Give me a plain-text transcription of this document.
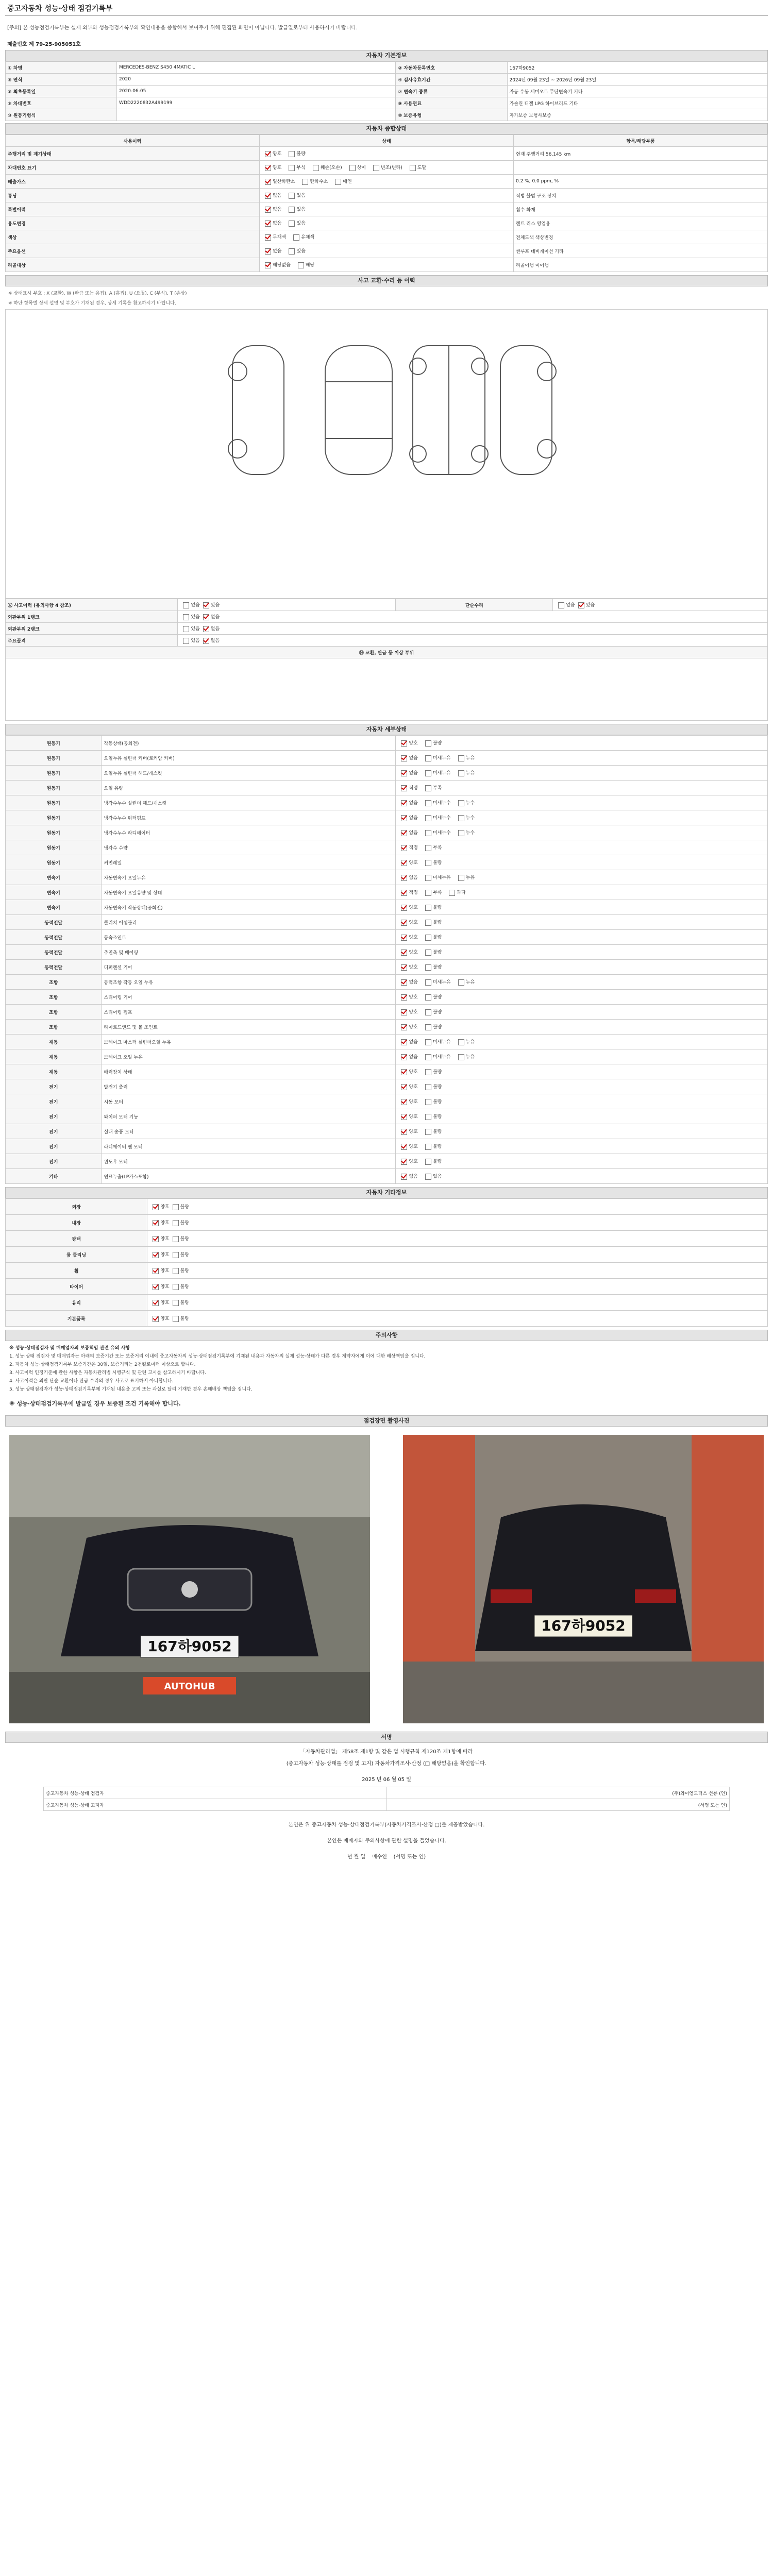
중고자동차 성능·상태 점검기록부
[주의] 본 성능점검기록부는 실제 외부와 성능점검기록부의 확인내용을 종합해서 보여주기 위해 편집된 화면이 아닙니다. 발급일로부터 사용하시기 바랍니다.
제출번호 제 79-25-905051호
자동차 기본정보
① 차명	MERCEDES-BENZ S450 4MATIC L	② 자동차등록번호	167하9052
③ 연식	2020	④ 검사유효기간	2024년 09월 23일 ~ 2026년 09월 23일
⑤ 최초등록일	2020-06-05	⑦ 변속기 종류	자동 수동 세미오토 무단변속기 기타
⑥ 차대번호	WDD2220832A499199	⑨ 사용연료	가솔린 디젤 LPG 하이브리드 기타
⑩ 원동기형식		⑩ 보증유형	자가보증 보험사보증
자동차 종합상태
사용이력	상태	항목/해당부품
주행거리 및 계기상태	양호 불량	현재 주행거리 56,145 km
차대번호 표기	양호 부식 훼손(오손) 상이 변조(변타) 도말	
배출가스	일산화탄소 탄화수소 매연	0.2 %, 0.0 ppm, %
튜닝	없음 있음	적법 불법 구조 장치
특별이력	없음 있음	침수 화재
용도변경	없음 있음	렌트 리스 영업용
색상	무채색 유채색	전체도색 색상변경
주요옵션	없음 있음	썬루프 네비게이션 기타
리콜대상	해당없음 해당	리콜이행 미이행
사고 교환·수리 등 이력
※ 상태표시 부호 : X (교환), W (판금 또는 용접), A (흠집), U (요철), C (부식), T (손상)
※ 하단 항목별 상세 설명 및 부호가 기재된 경우, 상세 기록을 참고하시기 바랍니다.
⑫ 사고이력 (유의사항 4 참조)	없음 있음	단순수리	없음 있음
외판부위 1랭크	있음 없음		
외판부위 2랭크	있음 없음		
주요골격	있음 없음		
⑭ 교환, 판금 등 이상 부위			

자동차 세부상태
원동기	작동상태(공회전)	양호 불량
원동기	오일누유 실린더 커버(로커암 커버)	없음 미세누유 누유
원동기	오일누유 실린더 헤드/개스킷	없음 미세누유 누유
원동기	오일 유량	적정 부족
원동기	냉각수누수 실린더 헤드/개스킷	없음 미세누수 누수
원동기	냉각수누수 워터펌프	없음 미세누수 누수
원동기	냉각수누수 라디에이터	없음 미세누수 누수
원동기	냉각수 수량	적정 부족
원동기	커먼레일	양호 불량
변속기	자동변속기 오일누유	없음 미세누유 누유
변속기	자동변속기 오일유량 및 상태	적정 부족 과다
변속기	자동변속기 작동상태(공회전)	양호 불량
동력전달	클러치 어셈블리	양호 불량
동력전달	등속조인트	양호 불량
동력전달	추진축 및 베어링	양호 불량
동력전달	디퍼렌셜 기어	양호 불량
조향	동력조향 작동 오일 누유	없음 미세누유 누유
조향	스티어링 기어	양호 불량
조향	스티어링 펌프	양호 불량
조향	타이로드엔드 및 볼 조인트	양호 불량
제동	브레이크 마스터 실린더오일 누유	없음 미세누유 누유
제동	브레이크 오일 누유	없음 미세누유 누유
제동	배력장치 상태	양호 불량
전기	발전기 출력	양호 불량
전기	시동 모터	양호 불량
전기	와이퍼 모터 기능	양호 불량
전기	실내 송풍 모터	양호 불량
전기	라디에이터 팬 모터	양호 불량
전기	윈도우 모터	양호 불량
기타	연료누출(LP가스포함)	없음 있음
자동차 기타정보
외장	양호 불량
내장	양호 불량
광택	양호 불량
룸 클리닝	양호 불량
휠	양호 불량
타이어	양호 불량
유리	양호 불량
기본품목	양호 불량
주의사항

※ 성능·상태점검자 및 매매업자의 보증책임 관련 유의 사항

1. 성능·상태 점검자 및 매매업자는 아래의 보증기간 또는 보증거리 이내에 중고자동차의 성능·상태점검기록부에 기재된 내용과 자동차의 실제 성능·상태가 다른 경우 계약자에게 이에 대한 배상책임을 집니다.

2. 자동차 성능·상태점검기록부 보증기간은 30일, 보증거리는 2천킬로미터 이상으로 합니다.

3. 사고이력 인정기준에 관한 사항은 자동차관리법 시행규칙 및 관련 고시를 참고하시기 바랍니다.

4. 사고이력은 외판 단순 교환이나 판금 수리의 경우 사고로 표기하지 아니합니다.

5. 성능·상태점검자가 성능·상태점검기록부에 기재된 내용을 고의 또는 과실로 달리 기재한 경우 손해배상 책임을 집니다.

※ 성능·상태점검기록부에 발급일 경우 보증된 조건 기록해야 합니다.
점검장면 촬영사진
167하9052
AUTOHUB
167하9052
서명
「자동차관리법」 제58조 제1항 및 같은 법 시행규칙 제120조 제1항에 따라
(중고자동차 성능·상태를 점검 및 고지) 자동차가격조사·산정 (□ 해당없음)을 확인합니다.
2025 년 06 월 05 일
중고자동차 성능·상태 점검자	(주)와이엠모터스 선릉 (인)
중고자동차 성능·상태 고지자	(서명 또는 인)
본인은 위 중고자동차 성능·상태점검기록부(자동차가격조사·산정 □)를 제공받았습니다.
본인은 매매자와 주의사항에 관한 설명을 들었습니다.
년 월 일 매수인 (서명 또는 인)
